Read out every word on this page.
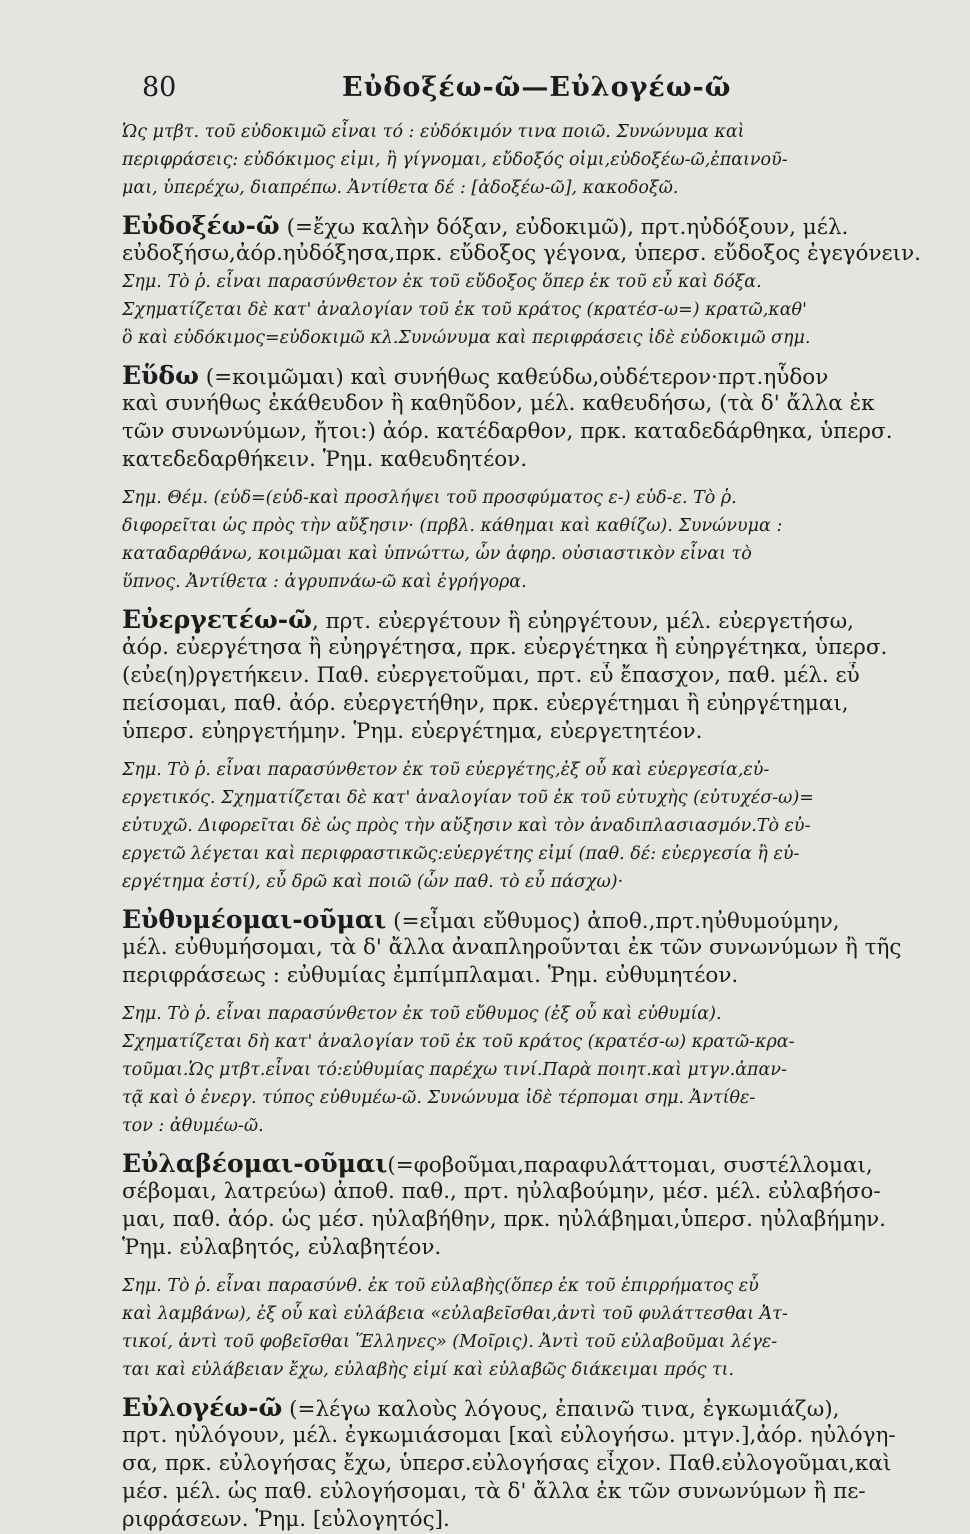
80	Εὐδοξέω-ῶ—Εὐλογέω-ῶ
Ὡς μτβτ. τοῦ εὐδοκιμῶ εἶναι τό : εὐδόκιμόν τινα ποιῶ. Συνώνυμα καὶ
περιφράσεις: εὐδόκιμος εἰμι, ἢ γίγνομαι, εὔδοξός οἰμι,εὐδοξέω-ῶ,ἐπαινοῦ-
μαι, ὑπερέχω, διαπρέπω. Ἀντίθετα δέ : [ἀδοξέω-ῶ], κακοδοξῶ.
Εὐδοξέω-ῶ (=ἔχω καλὴν δόξαν, εὐδοκιμῶ), πρτ.ηὐδόξουν, μέλ.
εὐδοξήσω,ἀόρ.ηὐδόξησα,πρκ. εὔδοξος γέγονα, ὑπερσ. εὔδοξος ἐγεγόνειν.
Σημ. Τὸ ῥ. εἶναι παρασύνθετον ἐκ τοῦ εὔδοξος ὅπερ ἐκ τοῦ εὖ καὶ δόξα.
Σχηματίζεται δὲ κατ' ἀναλογίαν τοῦ ἐκ τοῦ κράτος (κρατέσ-ω=) κρατῶ,καθ'
ὃ καὶ εὐδόκιμος=εὐδοκιμῶ κλ.Συνώνυμα καὶ περιφράσεις ἰδὲ εὐδοκιμῶ σημ.
Εὕδω (=κοιμῶμαι) καὶ συνήθως καθεύδω,οὐδέτερον·πρτ.ηὗδον
καὶ συνήθως ἐκάθευδον ἢ καθηῦδον, μέλ. καθευδήσω, (τὰ δ' ἄλλα ἐκ
τῶν συνωνύμων, ἤτοι:) ἀόρ. κατέδαρθον, πρκ. καταδεδάρθηκα, ὑπερσ.
κατεδεδαρθήκειν. Ῥημ. καθευδητέον.
Σημ. Θέμ. (εὑδ=(εὑδ-καὶ προσλήψει τοῦ προσφύματος ε-) εὑδ-ε. Τὸ ῥ.
διφορεῖται ὡς πρὸς τὴν αὔξησιν· (πρβλ. κάθημαι καὶ καθίζω). Συνώνυμα :
καταδαρθάνω, κοιμῶμαι καὶ ὑπνώττω, ὧν ἀφηρ. οὐσιαστικὸν εἶναι τὸ
ὕπνος. Ἀντίθετα : ἀγρυπνάω-ῶ καὶ ἐγρήγορα.
Εὐεργετέω-ῶ, πρτ. εὐεργέτουν ἢ εὐηργέτουν, μέλ. εὐεργετήσω,
ἀόρ. εὐεργέτησα ἢ εὐηργέτησα, πρκ. εὐεργέτηκα ἢ εὐηργέτηκα, ὑπερσ.
(εὐε(η)ργετήκειν. Παθ. εὐεργετοῦμαι, πρτ. εὖ ἔπασχον, παθ. μέλ. εὖ
πείσομαι, παθ. ἀόρ. εὐεργετήθην, πρκ. εὐεργέτημαι ἢ εὐηργέτημαι,
ὑπερσ. εὐηργετήμην. Ῥημ. εὐεργέτημα, εὐεργετητέον.
Σημ. Τὸ ῥ. εἶναι παρασύνθετον ἐκ τοῦ εὐεργέτης,ἐξ οὗ καὶ εὐεργεσία,εὐ-
εργετικός. Σχηματίζεται δὲ κατ' ἀναλογίαν τοῦ ἐκ τοῦ εὐτυχὴς (εὐτυχέσ-ω)=
εὐτυχῶ. Διφορεῖται δὲ ὡς πρὸς τὴν αὔξησιν καὶ τὸν ἀναδιπλασιασμόν.Τὸ εὐ-
εργετῶ λέγεται καὶ περιφραστικῶς:εὐεργέτης εἰμί (παθ. δέ: εὐεργεσία ἢ εὐ-
εργέτημα ἐστί), εὖ δρῶ καὶ ποιῶ (ὧν παθ. τὸ εὖ πάσχω)·
Εὐθυμέομαι-οῦμαι (=εἶμαι εὔθυμος) ἀποθ.,πρτ.ηὐθυμούμην,
μέλ. εὐθυμήσομαι, τὰ δ' ἄλλα ἀναπληροῦνται ἐκ τῶν συνωνύμων ἢ τῆς
περιφράσεως : εὐθυμίας ἐμπίμπλαμαι. Ῥημ. εὐθυμητέον.
Σημ. Τὸ ῥ. εἶναι παρασύνθετον ἐκ τοῦ εὔθυμος (ἐξ οὗ καὶ εὐθυμία).
Σχηματίζεται δὴ κατ' ἀναλογίαν τοῦ ἐκ τοῦ κράτος (κρατέσ-ω) κρατῶ-κρα-
τοῦμαι.Ὡς μτβτ.εἶναι τό:εὐθυμίας παρέχω τινί.Παρὰ ποιητ.καὶ μτγν.ἀπαν-
τᾷ καὶ ὁ ἐνεργ. τύπος εὐθυμέω-ῶ. Συνώνυμα ἰδὲ τέρπομαι σημ. Ἀντίθε-
τον : ἀθυμέω-ῶ.
Εὐλαβέομαι-οῦμαι(=φοβοῦμαι,παραφυλάττομαι, συστέλλομαι,
σέβομαι, λατρεύω) ἀποθ. παθ., πρτ. ηὐλαβούμην, μέσ. μέλ. εὐλαβήσο-
μαι, παθ. ἀόρ. ὡς μέσ. ηὐλαβήθην, πρκ. ηὐλάβημαι,ὑπερσ. ηὐλαβήμην.
Ῥημ. εὐλαβητός, εὐλαβητέον.
Σημ. Τὸ ῥ. εἶναι παρασύνθ. ἐκ τοῦ εὐλαβὴς(ὅπερ ἐκ τοῦ ἐπιρρήματος εὖ
καὶ λαμβάνω), ἐξ οὗ καὶ εὐλάβεια «εὐλαβεῖσθαι,ἀντὶ τοῦ φυλάττεσθαι Ἀτ-
τικοί, ἀντὶ τοῦ φοβεῖσθαι Ἕλληνες» (Μοῖρις). Ἀντὶ τοῦ εὐλαβοῦμαι λέγε-
ται καὶ εὐλάβειαν ἔχω, εὐλαβὴς εἰμί καὶ εὐλαβῶς διάκειμαι πρός τι.
Εὐλογέω-ῶ (=λέγω καλοὺς λόγους, ἐπαινῶ τινα, ἐγκωμιάζω),
πρτ. ηὐλόγουν, μέλ. ἐγκωμιάσομαι [καὶ εὐλογήσω. μτγν.],ἀόρ. ηὐλόγη-
σα, πρκ. εὐλογήσας ἔχω, ὑπερσ.εὐλογήσας εἶχον. Παθ.εὐλογοῦμαι,καὶ
μέσ. μέλ. ὡς παθ. εὐλογήσομαι, τὰ δ' ἄλλα ἐκ τῶν συνωνύμων ἢ πε-
ριφράσεων. Ῥημ. [εὐλογητός].
